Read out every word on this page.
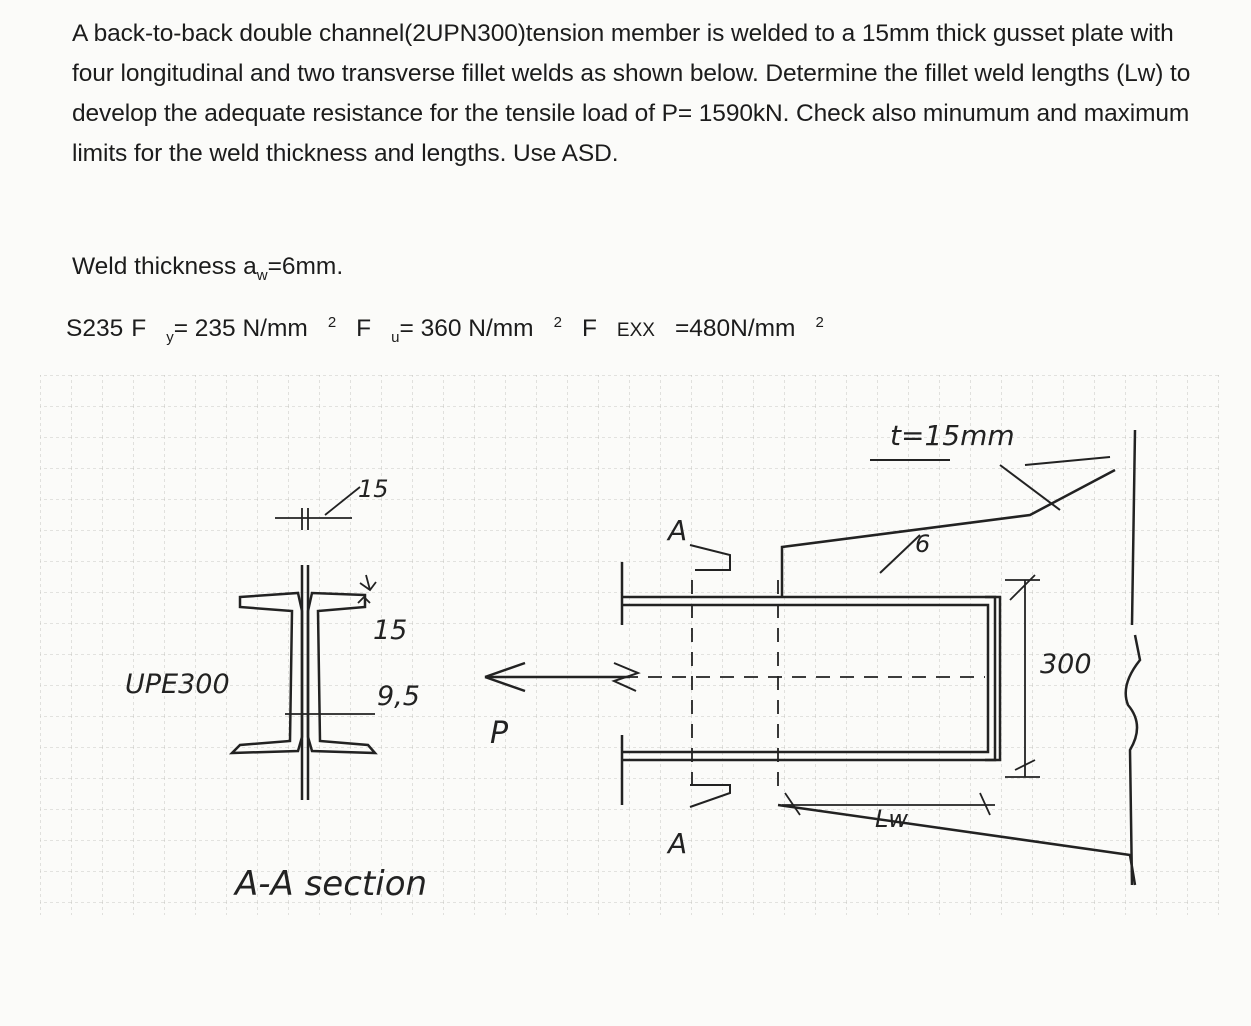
A back-to-back double channel(2UPN300)tension member is welded to a 15mm thick gusset plate with four longitudinal and two transverse fillet welds as shown below. Determine the fillet weld lengths (Lw) to develop the adequate resistance for the tensile load of P= 1590kN. Check also minumum and maximum limits for the weld thickness and lengths. Use ASD.
Weld thickness $a_w=6mm$.
S235 F $_y$= 235 N/mm $^2$ F $_u$= 360 N/mm $^2$ F EXX =480N/mm $^2$
15
15
9,5
UPE300
A-A section
P
A
A
t=15mm
6
300
Lw
